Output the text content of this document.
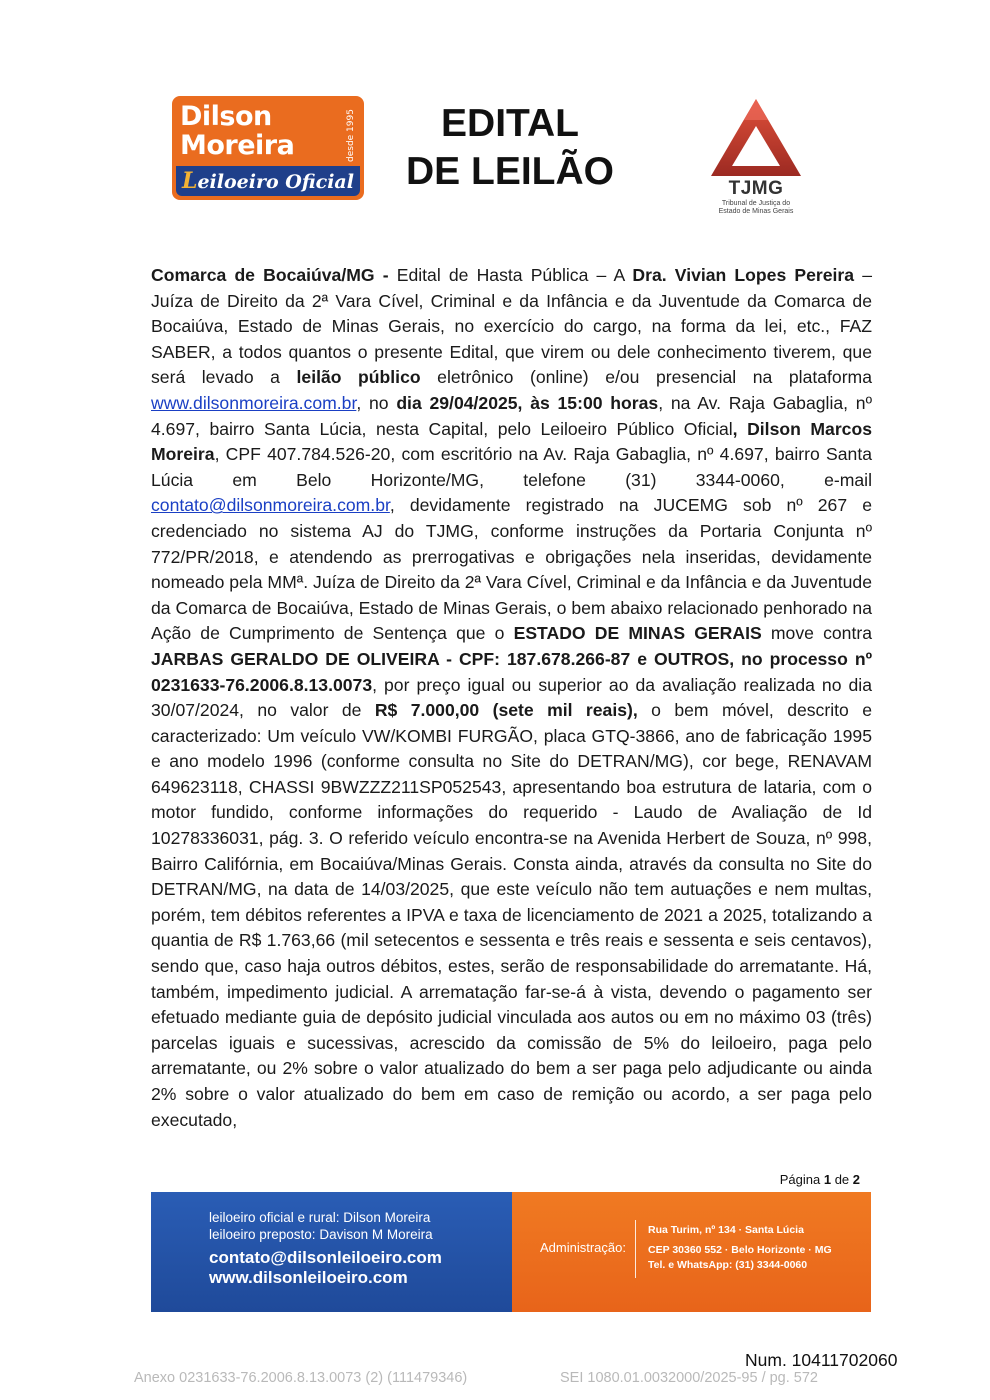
Dilson
Moreira	desde 1995
Leiloeiro Oficial
EDITAL
DE LEILÃO	TJMG
Tribunal de Justiça do
Estado de Minas Gerais
Comarca de Bocaiúva/MG - Edital de Hasta Pública – A Dra. Vivian Lopes Pereira – Juíza de Direito da 2ª Vara Cível, Criminal e da Infância e da Juventude da Comarca de Bocaiúva, Estado de Minas Gerais, no exercício do cargo, na forma da lei, etc., FAZ SABER, a todos quantos o presente Edital, que virem ou dele conhecimento tiverem, que será levado a leilão público eletrônico (online) e/ou presencial na plataforma www.dilsonmoreira.com.br, no dia 29/04/2025, às 15:00 horas, na Av. Raja Gabaglia, nº 4.697, bairro Santa Lúcia, nesta Capital, pelo Leiloeiro Público Oficial, Dilson Marcos Moreira, CPF 407.784.526-20, com escritório na Av. Raja Gabaglia, nº 4.697, bairro Santa Lúcia em Belo Horizonte/MG, telefone (31) 3344-0060, e-mail contato@dilsonmoreira.com.br, devidamente registrado na JUCEMG sob nº 267 e credenciado no sistema AJ do TJMG, conforme instruções da Portaria Conjunta nº 772/PR/2018, e atendendo as prerrogativas e obrigações nela inseridas, devidamente nomeado pela MMª. Juíza de Direito da 2ª Vara Cível, Criminal e da Infância e da Juventude da Comarca de Bocaiúva, Estado de Minas Gerais, o bem abaixo relacionado penhorado na Ação de Cumprimento de Sentença que o ESTADO DE MINAS GERAIS move contra JARBAS GERALDO DE OLIVEIRA - CPF: 187.678.266-87 e OUTROS, no processo nº 0231633-76.2006.8.13.0073, por preço igual ou superior ao da avaliação realizada no dia 30/07/2024, no valor de R$ 7.000,00 (sete mil reais), o bem móvel, descrito e caracterizado: Um veículo VW/KOMBI FURGÃO, placa GTQ-3866, ano de fabricação 1995 e ano modelo 1996 (conforme consulta no Site do DETRAN/MG), cor bege, RENAVAM 649623118, CHASSI 9BWZZZ211SP052543, apresentando boa estrutura de lataria, com o motor fundido, conforme informações do requerido - Laudo de Avaliação de Id 10278336031, pág. 3. O referido veículo encontra-se na Avenida Herbert de Souza, nº 998, Bairro Califórnia, em Bocaiúva/Minas Gerais. Consta ainda, através da consulta no Site do DETRAN/MG, na data de 14/03/2025, que este veículo não tem autuações e nem multas, porém, tem débitos referentes a IPVA e taxa de licenciamento de 2021 a 2025, totalizando a quantia de R$ 1.763,66 (mil setecentos e sessenta e três reais e sessenta e seis centavos), sendo que, caso haja outros débitos, estes, serão de responsabilidade do arrematante. Há, também, impedimento judicial. A arrematação far-se-á à vista, devendo o pagamento ser efetuado mediante guia de depósito judicial vinculada aos autos ou em no máximo 03 (três) parcelas iguais e sucessivas, acrescido da comissão de 5% do leiloeiro, paga pelo arrematante, ou 2% sobre o valor atualizado do bem a ser paga pelo adjudicante ou ainda 2% sobre o valor atualizado do bem em caso de remição ou acordo, a ser paga pelo executado,
Página 1 de 2
leiloeiro oficial e rural: Dilson Moreira
leiloeiro preposto: Davison M Moreira
contato@dilsonleiloeiro.com
www.dilsonleiloeiro.com
Administração:
Rua Turim, nº 134 · Santa Lúcia
CEP 30360 552 · Belo Horizonte · MG
Tel. e WhatsApp: (31) 3344-0060
Num. 10411702060
Anexo 0231633-76.2006.8.13.0073 (2) (111479346)	SEI 1080.01.0032000/2025-95 / pg. 572
